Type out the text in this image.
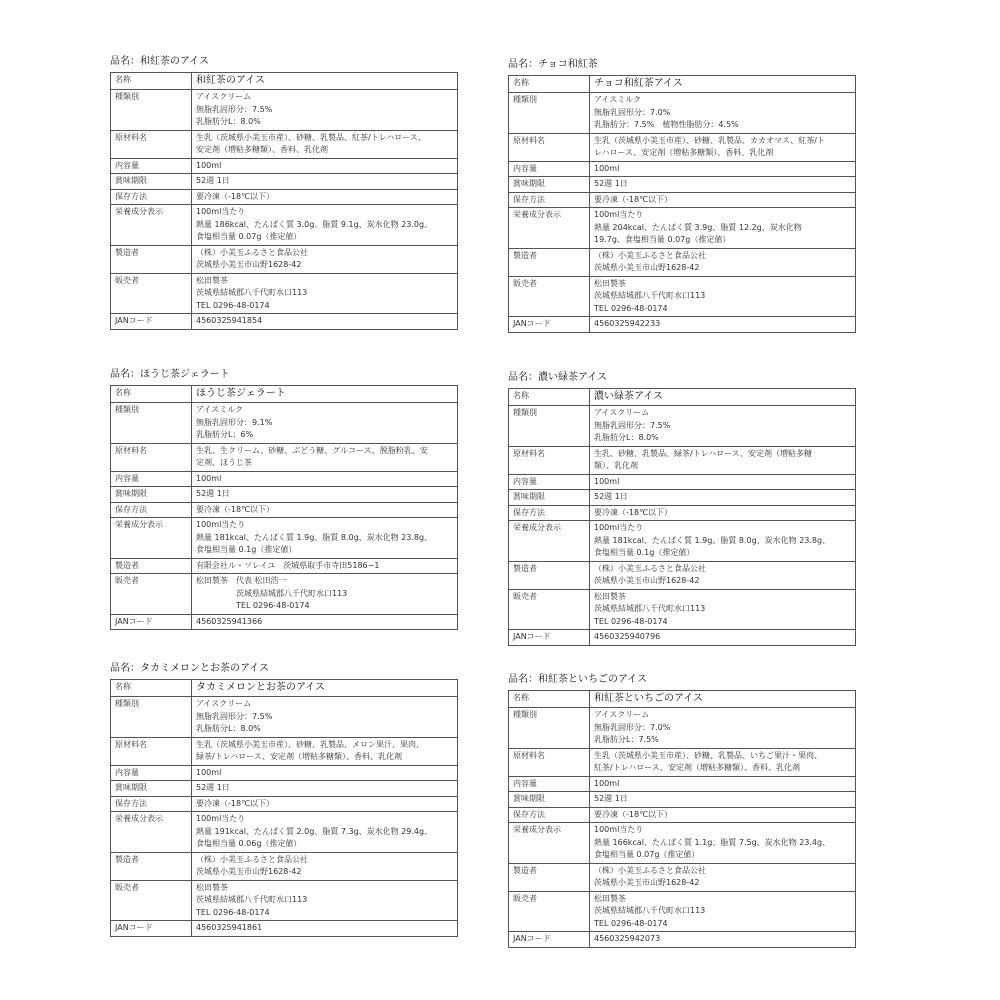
品名：和紅茶のアイス
名称	和紅茶のアイス
種類別	アイスクリーム
無脂乳固形分：7.5%
乳脂肪分L：8.0%
原材料名	生乳（茨城県小美玉市産）、砂糖、乳製品、紅茶/トレハロース、
安定剤（増粘多糖類）、香料、乳化剤
内容量	100ml
賞味期限	52週 1日
保存方法	要冷凍（-18℃以下）
栄養成分表示	100ml当たり
熱量 186kcal、たんぱく質 3.0g、脂質 9.1g、炭水化物 23.0g、
食塩相当量 0.07g（推定値）
製造者	（株）小美玉ふるさと食品公社
茨城県小美玉市山野1628-42
販売者	松田製茶
茨城県結城郡八千代町水口113
TEL 0296-48-0174
JANコード	4560325941854
品名：チョコ和紅茶
名称	チョコ和紅茶アイス
種類別	アイスミルク
無脂乳固形分：7.0%
乳脂肪分：7.5%　植物性脂肪分：4.5%
原材料名	生乳（茨城県小美玉市産）、砂糖、乳製品、カカオマス、紅茶/ト
レハロース、安定剤（増粘多糖類）、香料、乳化剤
内容量	100ml
賞味期限	52週 1日
保存方法	要冷凍（-18℃以下）
栄養成分表示	100ml当たり
熱量 204kcal、たんぱく質 3.9g、脂質 12.2g、炭水化物
19.7g、食塩相当量 0.07g（推定値）
製造者	（株）小美玉ふるさと食品公社
茨城県小美玉市山野1628-42
販売者	松田製茶
茨城県結城郡八千代町水口113
TEL 0296-48-0174
JANコード	4560325942233
品名：ほうじ茶ジェラート
名称	ほうじ茶ジェラート
種類別	アイスミルク
無脂乳固形分：9.1%
乳脂肪分L：6%
原材料名	生乳、生クリーム、砂糖、ぶどう糖、グルコース、脱脂粉乳、安
定剤、ほうじ茶
内容量	100ml
賞味期限	52週 1日
保存方法	要冷凍（-18℃以下）
栄養成分表示	100ml当たり
熱量 181kcal、たんぱく質 1.9g、脂質 8.0g、炭水化物 23.8g、
食塩相当量 0.1g（推定値）
製造者	有限会社ル・ソレイユ　茨城県取手市寺田5186−1
販売者	松田製茶　代表 松田浩一
　　　　　茨城県結城郡八千代町水口113
　　　　　TEL 0296-48-0174
JANコード	4560325941366
品名：濃い緑茶アイス
名称	濃い緑茶アイス
種類別	アイスクリーム
無脂乳固形分：7.5%
乳脂肪分L：8.0%
原材料名	生乳、砂糖、乳製品、緑茶/トレハロース、安定剤（増粘多糖
類）、乳化剤
内容量	100ml
賞味期限	52週 1日
保存方法	要冷凍（-18℃以下）
栄養成分表示	100ml当たり
熱量 181kcal、たんぱく質 1.9g、脂質 8.0g、炭水化物 23.8g、
食塩相当量 0.1g（推定値）
製造者	（株）小美玉ふるさと食品公社
茨城県小美玉市山野1628-42
販売者	松田製茶
茨城県結城郡八千代町水口113
TEL 0296-48-0174
JANコード	4560325940796
品名：タカミメロンとお茶のアイス
名称	タカミメロンとお茶のアイス
種類別	アイスクリーム
無脂乳固形分：7.5%
乳脂肪分L：8.0%
原材料名	生乳（茨城県小美玉市産）、砂糖、乳製品、メロン果汁、果肉、
緑茶/トレハロース、安定剤（増粘多糖類）、香料、乳化剤
内容量	100ml
賞味期限	52週 1日
保存方法	要冷凍（-18℃以下）
栄養成分表示	100ml当たり
熱量 191kcal、たんぱく質 2.0g、脂質 7.3g、炭水化物 29.4g、
食塩相当量 0.06g（推定値）
製造者	（株）小美玉ふるさと食品公社
茨城県小美玉市山野1628-42
販売者	松田製茶
茨城県結城郡八千代町水口113
TEL 0296-48-0174
JANコード	4560325941861
品名：和紅茶といちごのアイス
名称	和紅茶といちごのアイス
種類別	アイスクリーム
無脂乳固形分：7.0%
乳脂肪分L：7.5%
原材料名	生乳（茨城県小美玉市産）、砂糖、乳製品、いちご果汁・果肉、
紅茶/トレハロース、安定剤（増粘多糖類）、香料、乳化剤
内容量	100ml
賞味期限	52週 1日
保存方法	要冷凍（-18℃以下）
栄養成分表示	100ml当たり
熱量 166kcal、たんぱく質 1.1g、脂質 7.5g、炭水化物 23.4g、
食塩相当量 0.07g（推定値）
製造者	（株）小美玉ふるさと食品公社
茨城県小美玉市山野1628-42
販売者	松田製茶
茨城県結城郡八千代町水口113
TEL 0296-48-0174
JANコード	4560325942073
